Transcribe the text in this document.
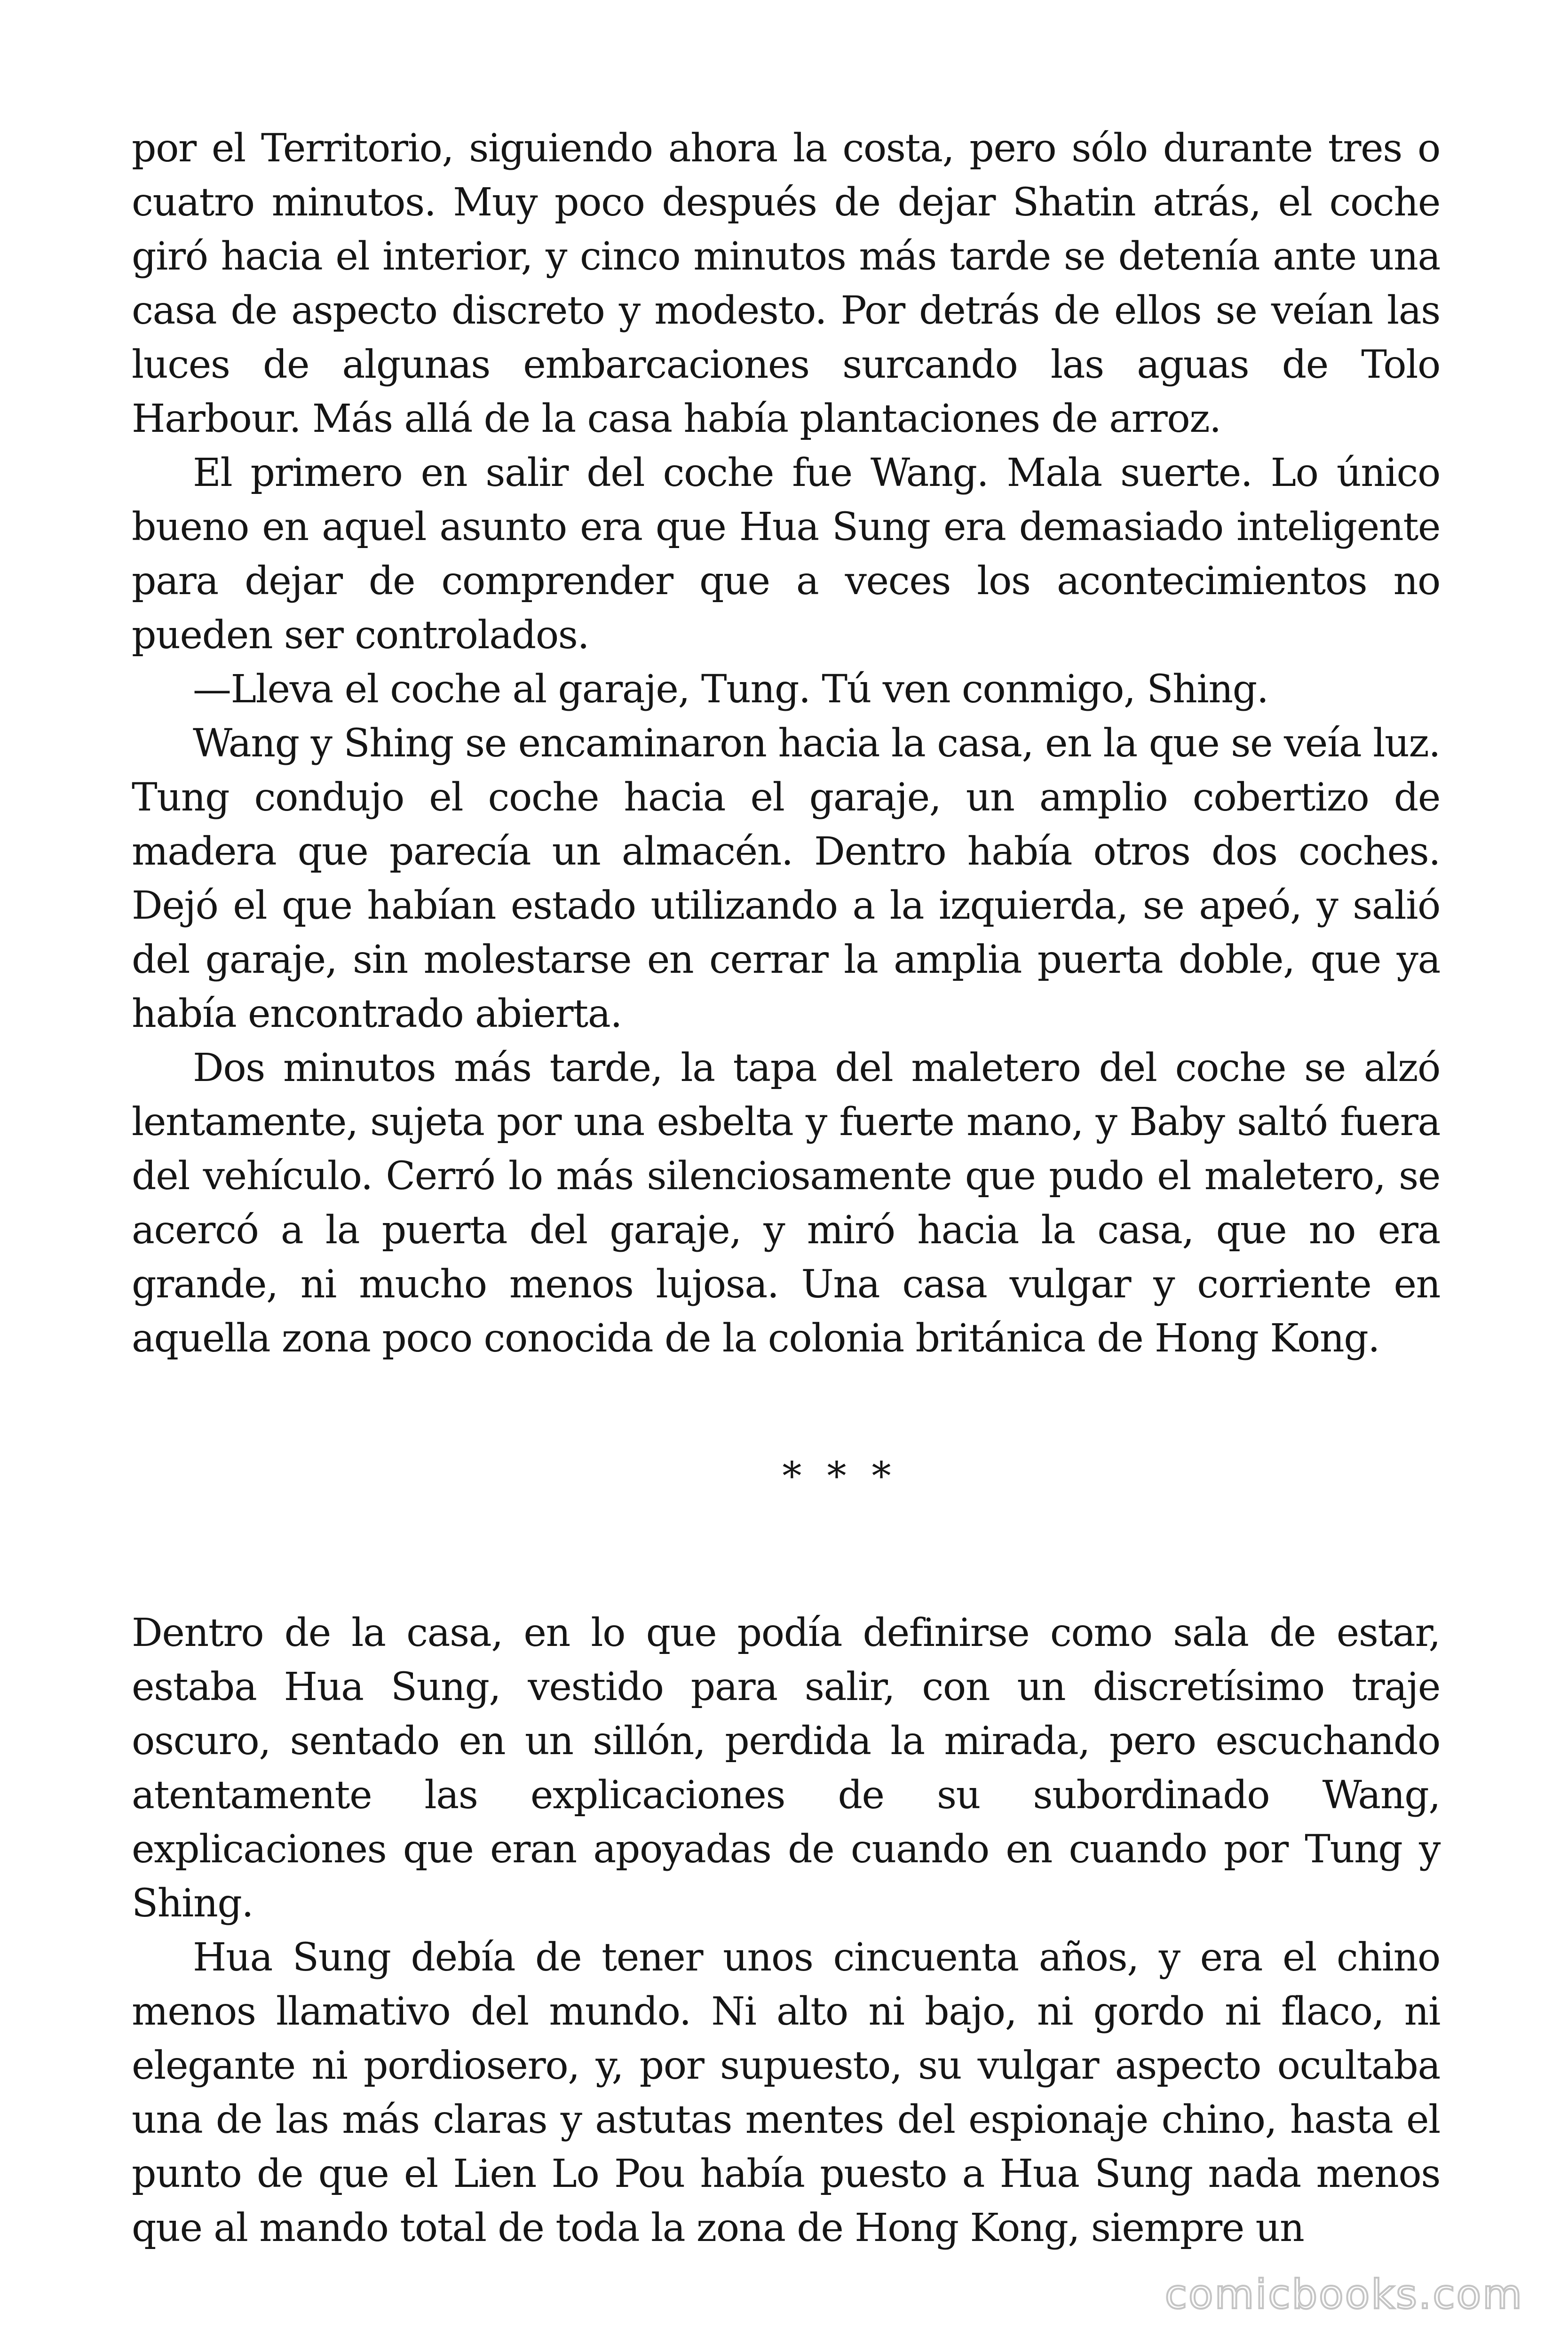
por el Territorio, siguiendo ahora la costa, pero sólo durante tres o cuatro minutos. Muy poco después de dejar Shatin atrás, el coche giró hacia el interior, y cinco minutos más tarde se detenía ante una casa de aspecto discreto y modesto. Por detrás de ellos se veían las luces de algunas embarcaciones surcando las aguas de Tolo Harbour. Más allá de la casa había plantaciones de arroz.

El primero en salir del coche fue Wang. Mala suerte. Lo único bueno en aquel asunto era que Hua Sung era demasiado inteligente para dejar de comprender que a veces los acontecimientos no pueden ser controlados.

—Lleva el coche al garaje, Tung. Tú ven conmigo, Shing.

Wang y Shing se encaminaron hacia la casa, en la que se veía luz. Tung condujo el coche hacia el garaje, un amplio cobertizo de madera que parecía un almacén. Dentro había otros dos coches. Dejó el que habían estado utilizando a la izquierda, se apeó, y salió del garaje, sin molestarse en cerrar la amplia puerta doble, que ya había encontrado abierta.

Dos minutos más tarde, la tapa del maletero del coche se alzó lentamente, sujeta por una esbelta y fuerte mano, y Baby saltó fuera del vehículo. Cerró lo más silenciosamente que pudo el maletero, se acercó a la puerta del garaje, y miró hacia la casa, que no era grande, ni mucho menos lujosa. Una casa vulgar y corriente en aquella zona poco conocida de la colonia británica de Hong Kong.

* * *

Dentro de la casa, en lo que podía definirse como sala de estar, estaba Hua Sung, vestido para salir, con un discretísimo traje oscuro, sentado en un sillón, perdida la mirada, pero escuchando atentamente las explicaciones de su subordinado Wang, explicaciones que eran apoyadas de cuando en cuando por Tung y Shing.

Hua Sung debía de tener unos cincuenta años, y era el chino menos llamativo del mundo. Ni alto ni bajo, ni gordo ni flaco, ni elegante ni pordiosero, y, por supuesto, su vulgar aspecto ocultaba una de las más claras y astutas mentes del espionaje chino, hasta el punto de que el Lien Lo Pou había puesto a Hua Sung nada menos que al mando total de toda la zona de Hong Kong, siempre un

comicbooks.com
